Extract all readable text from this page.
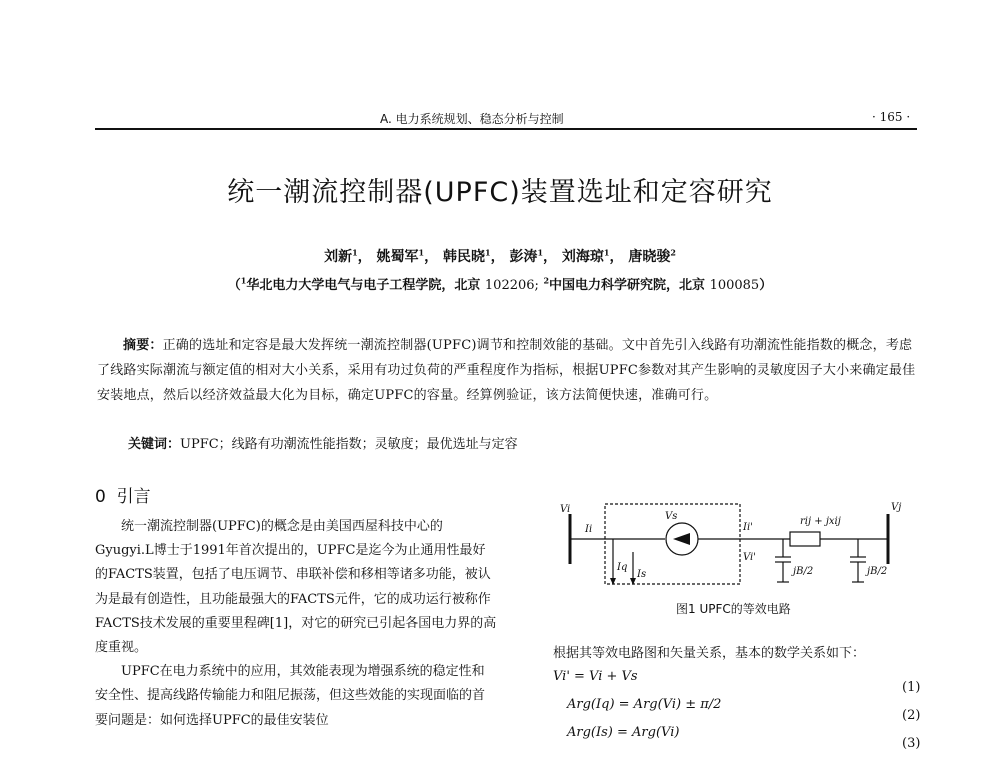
A. 电力系统规划、稳态分析与控制	· 165 ·
统一潮流控制器(UPFC)装置选址和定容研究
刘新$^1$， 姚蜀军$^1$， 韩民晓$^1$， 彭涛$^1$， 刘海琼$^1$， 唐晓骏$^2$
（$^1$华北电力大学电气与电子工程学院，北京 102206; $^2$中国电力科学研究院，北京 100085）
摘要：正确的选址和定容是最大发挥统一潮流控制器(UPFC)调节和控制效能的基础。文中首先引入线路有功潮流性能指数的概念，考虑了线路实际潮流与额定值的相对大小关系，采用有功过负荷的严重程度作为指标，根据UPFC参数对其产生影响的灵敏度因子大小来确定最佳安装地点，然后以经济效益最大化为目标，确定UPFC的容量。经算例验证，该方法简便快速，准确可行。
关键词：UPFC；线路有功潮流性能指数；灵敏度；最优选址与定容
0 引言

统一潮流控制器(UPFC)的概念是由美国西屋科技中心的Gyugyi.L博士于1991年首次提出的，UPFC是迄今为止通用性最好的FACTS装置，包括了电压调节、串联补偿和移相等诸多功能，被认为是最有创造性，且功能最强大的FACTS元件，它的成功运行被称作FACTS技术发展的重要里程碑[1]，对它的研究已引起各国电力界的高度重视。

UPFC在电力系统中的应用，其效能表现为增强系统的稳定性和安全性、提高线路传输能力和阻尼振荡，但这些效能的实现面临的首要问题是：如何选择UPFC的最佳安装位

Vi	Vj
Ii
Vs
Ii'
Vi'
Iq
Is
rij + jxij
jB/2	jB/2
图1 UPFC的等效电路
根据其等效电路图和矢量关系，基本的数学关系如下：
Vi' = Vi + Vs
(1)
Arg(Iq) = Arg(Vi) ± π/2
(2)
Arg(Is) = Arg(Vi)
(3)
